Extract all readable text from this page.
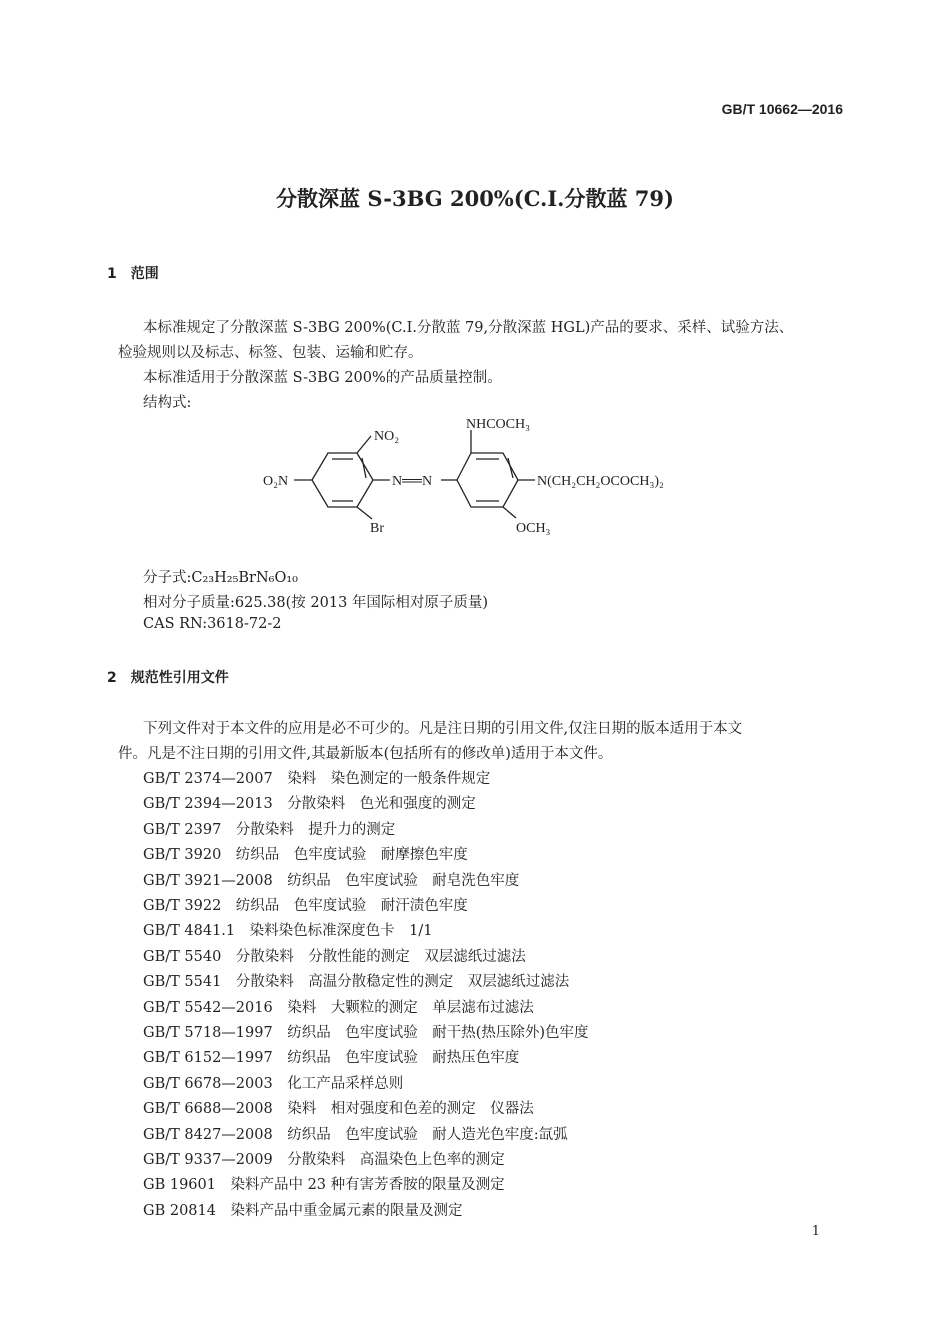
GB/T 10662—2016
分散深蓝 S-3BG 200%(C.I.分散蓝 79)
1　范围
本标准规定了分散深蓝 S-3BG 200%(C.I.分散蓝 79,分散深蓝 HGL)产品的要求、采样、试验方法、
检验规则以及标志、标签、包装、运输和贮存。
本标准适用于分散深蓝 S-3BG 200%的产品质量控制。
结构式:
NO₂
O₂N	N══N
Br
NHCOCH₃
OCH₃
N(CH₂CH₂OCOCH₃)₂
分子式:C₂₃H₂₅BrN₆O₁₀
相对分子质量:625.38(按 2013 年国际相对原子质量)
CAS RN:3618-72-2
2　规范性引用文件
下列文件对于本文件的应用是必不可少的。凡是注日期的引用文件,仅注日期的版本适用于本文
件。凡是不注日期的引用文件,其最新版本(包括所有的修改单)适用于本文件。
GB/T 2374—2007　染料　染色测定的一般条件规定
GB/T 2394—2013　分散染料　色光和强度的测定
GB/T 2397　分散染料　提升力的测定
GB/T 3920　纺织品　色牢度试验　耐摩擦色牢度
GB/T 3921—2008　纺织品　色牢度试验　耐皂洗色牢度
GB/T 3922　纺织品　色牢度试验　耐汗渍色牢度
GB/T 4841.1　染料染色标准深度色卡　1/1
GB/T 5540　分散染料　分散性能的测定　双层滤纸过滤法
GB/T 5541　分散染料　高温分散稳定性的测定　双层滤纸过滤法
GB/T 5542—2016　染料　大颗粒的测定　单层滤布过滤法
GB/T 5718—1997　纺织品　色牢度试验　耐干热(热压除外)色牢度
GB/T 6152—1997　纺织品　色牢度试验　耐热压色牢度
GB/T 6678—2003　化工产品采样总则
GB/T 6688—2008　染料　相对强度和色差的测定　仪器法
GB/T 8427—2008　纺织品　色牢度试验　耐人造光色牢度:氙弧
GB/T 9337—2009　分散染料　高温染色上色率的测定
GB 19601　染料产品中 23 种有害芳香胺的限量及测定
GB 20814　染料产品中重金属元素的限量及测定
1
